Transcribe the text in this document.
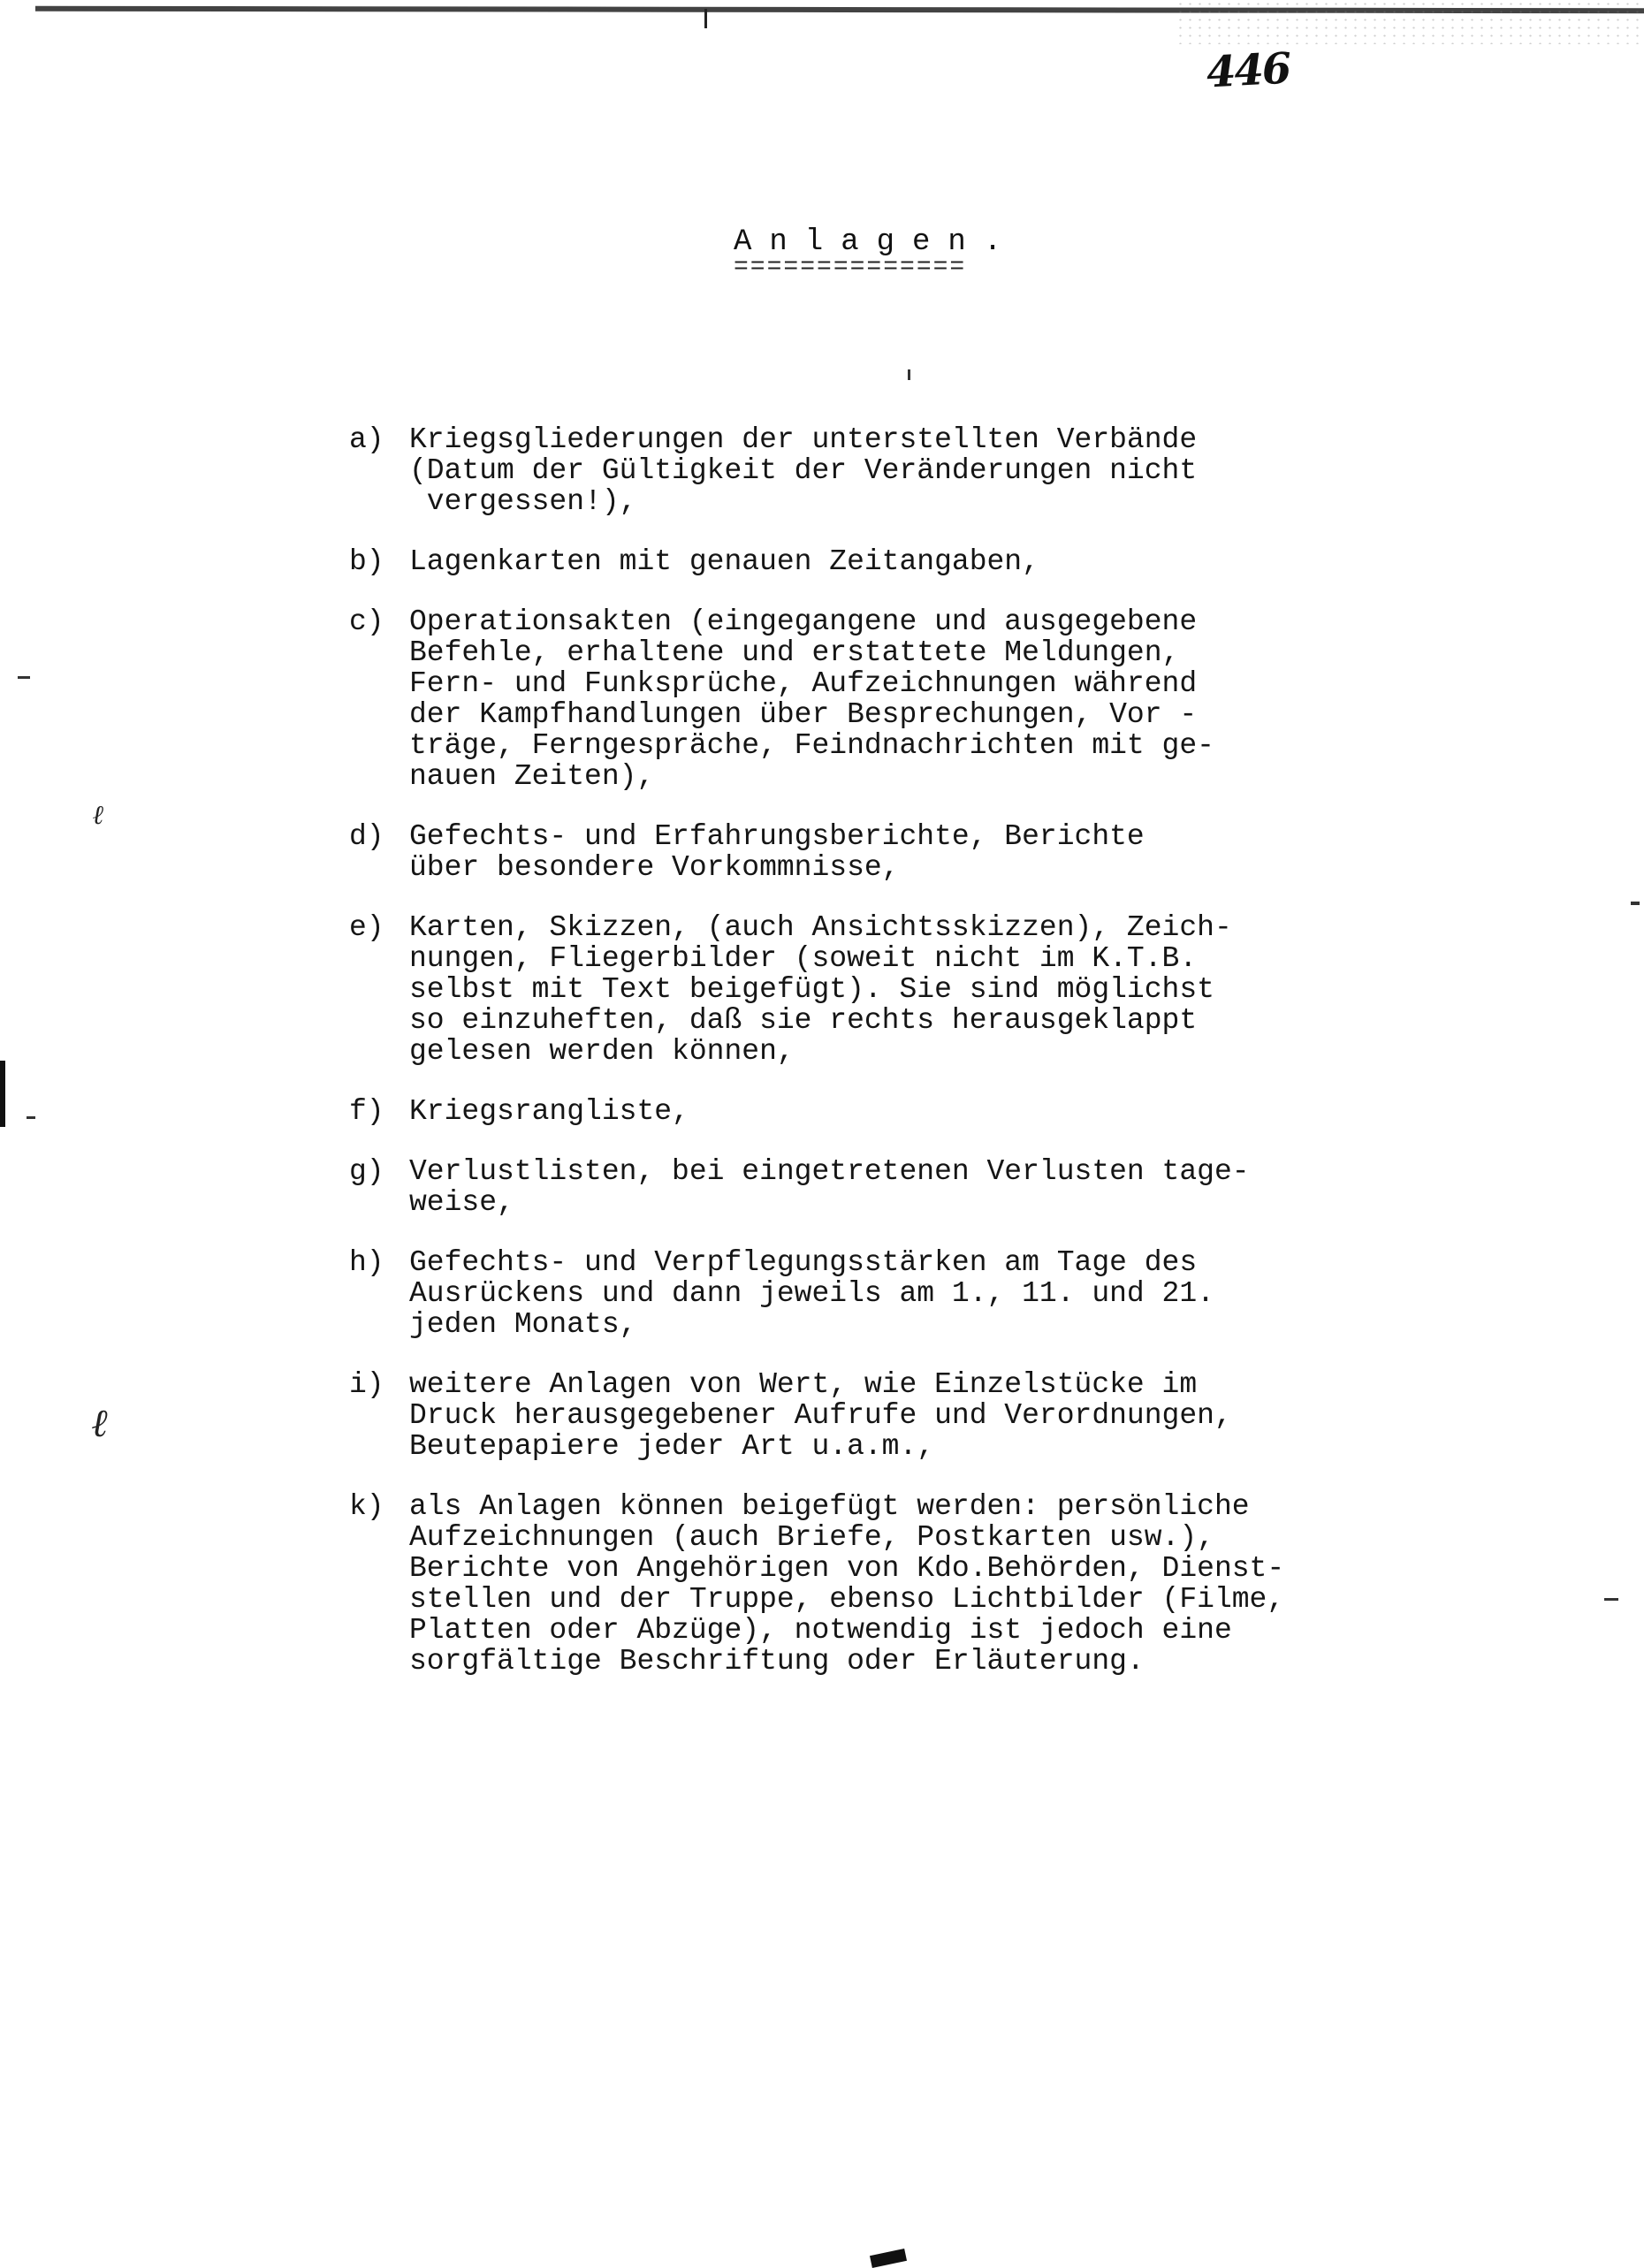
446
Anlagen.
==============
a) Kriegsgliederungen der unterstellten Verbände
(Datum der Gültigkeit der Veränderungen nicht
vergessen!),
b) Lagenkarten mit genauen Zeitangaben,
c) Operationsakten (eingegangene und ausgegebene
Befehle, erhaltene und erstattete Meldungen,
Fern- und Funksprüche, Aufzeichnungen während
der Kampfhandlungen über Besprechungen, Vor -
träge, Ferngespräche, Feindnachrichten mit ge-
nauen Zeiten),
d) Gefechts- und Erfahrungsberichte, Berichte
über besondere Vorkommnisse,
e) Karten, Skizzen, (auch Ansichtsskizzen), Zeich-
nungen, Fliegerbilder (soweit nicht im K.T.B.
selbst mit Text beigefügt). Sie sind möglichst
so einzuheften, daß sie rechts herausgeklappt
gelesen werden können,
f) Kriegsrangliste,
g) Verlustlisten, bei eingetretenen Verlusten tage-
weise,
h) Gefechts- und Verpflegungsstärken am Tage des
Ausrückens und dann jeweils am 1., 11. und 21.
jeden Monats,
i) weitere Anlagen von Wert, wie Einzelstücke im
Druck herausgegebener Aufrufe und Verordnungen,
Beutepapiere jeder Art u.a.m.,
k) als Anlagen können beigefügt werden: persönliche
Aufzeichnungen (auch Briefe, Postkarten usw.),
Berichte von Angehörigen von Kdo.Behörden, Dienst-
stellen und der Truppe, ebenso Lichtbilder (Filme,
Platten oder Abzüge), notwendig ist jedoch eine
sorgfältige Beschriftung oder Erläuterung.
ℓ
ℓ
